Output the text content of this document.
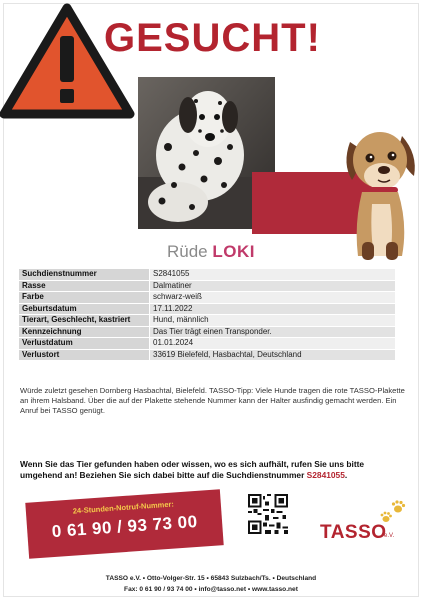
GESUCHT!
Rüde LOKI
Suchdienstnummer	S2841055
Rasse	Dalmatiner
Farbe	schwarz-weiß
Geburtsdatum	17.11.2022
Tierart, Geschlecht, kastriert	Hund, männlich
Kennzeichnung	Das Tier trägt einen Transponder.
Verlustdatum	01.01.2024
Verlustort	33619 Bielefeld, Hasbachtal, Deutschland
Würde zuletzt gesehen Dornberg Hasbachtal, Bielefeld. TASSO-Tipp: Viele Hunde tragen die rote TASSO-Plakette an ihrem Halsband. Über die auf der Plakette stehende Nummer kann der Halter ausfindig gemacht werden. Ein Anruf bei TASSO genügt.
Wenn Sie das Tier gefunden haben oder wissen, wo es sich aufhält, rufen Sie uns bitte umgehend an! Beziehen Sie sich dabei bitte auf die Suchdienstnummer S2841055.
24-Stunden-Notruf-Nummer:
0 61 90 / 93 73 00	TASSO
e.V.
TASSO e.V. • Otto-Volger-Str. 15 • 65843 Sulzbach/Ts. • Deutschland
Fax: 0 61 90 / 93 74 00 • info@tasso.net • www.tasso.net
